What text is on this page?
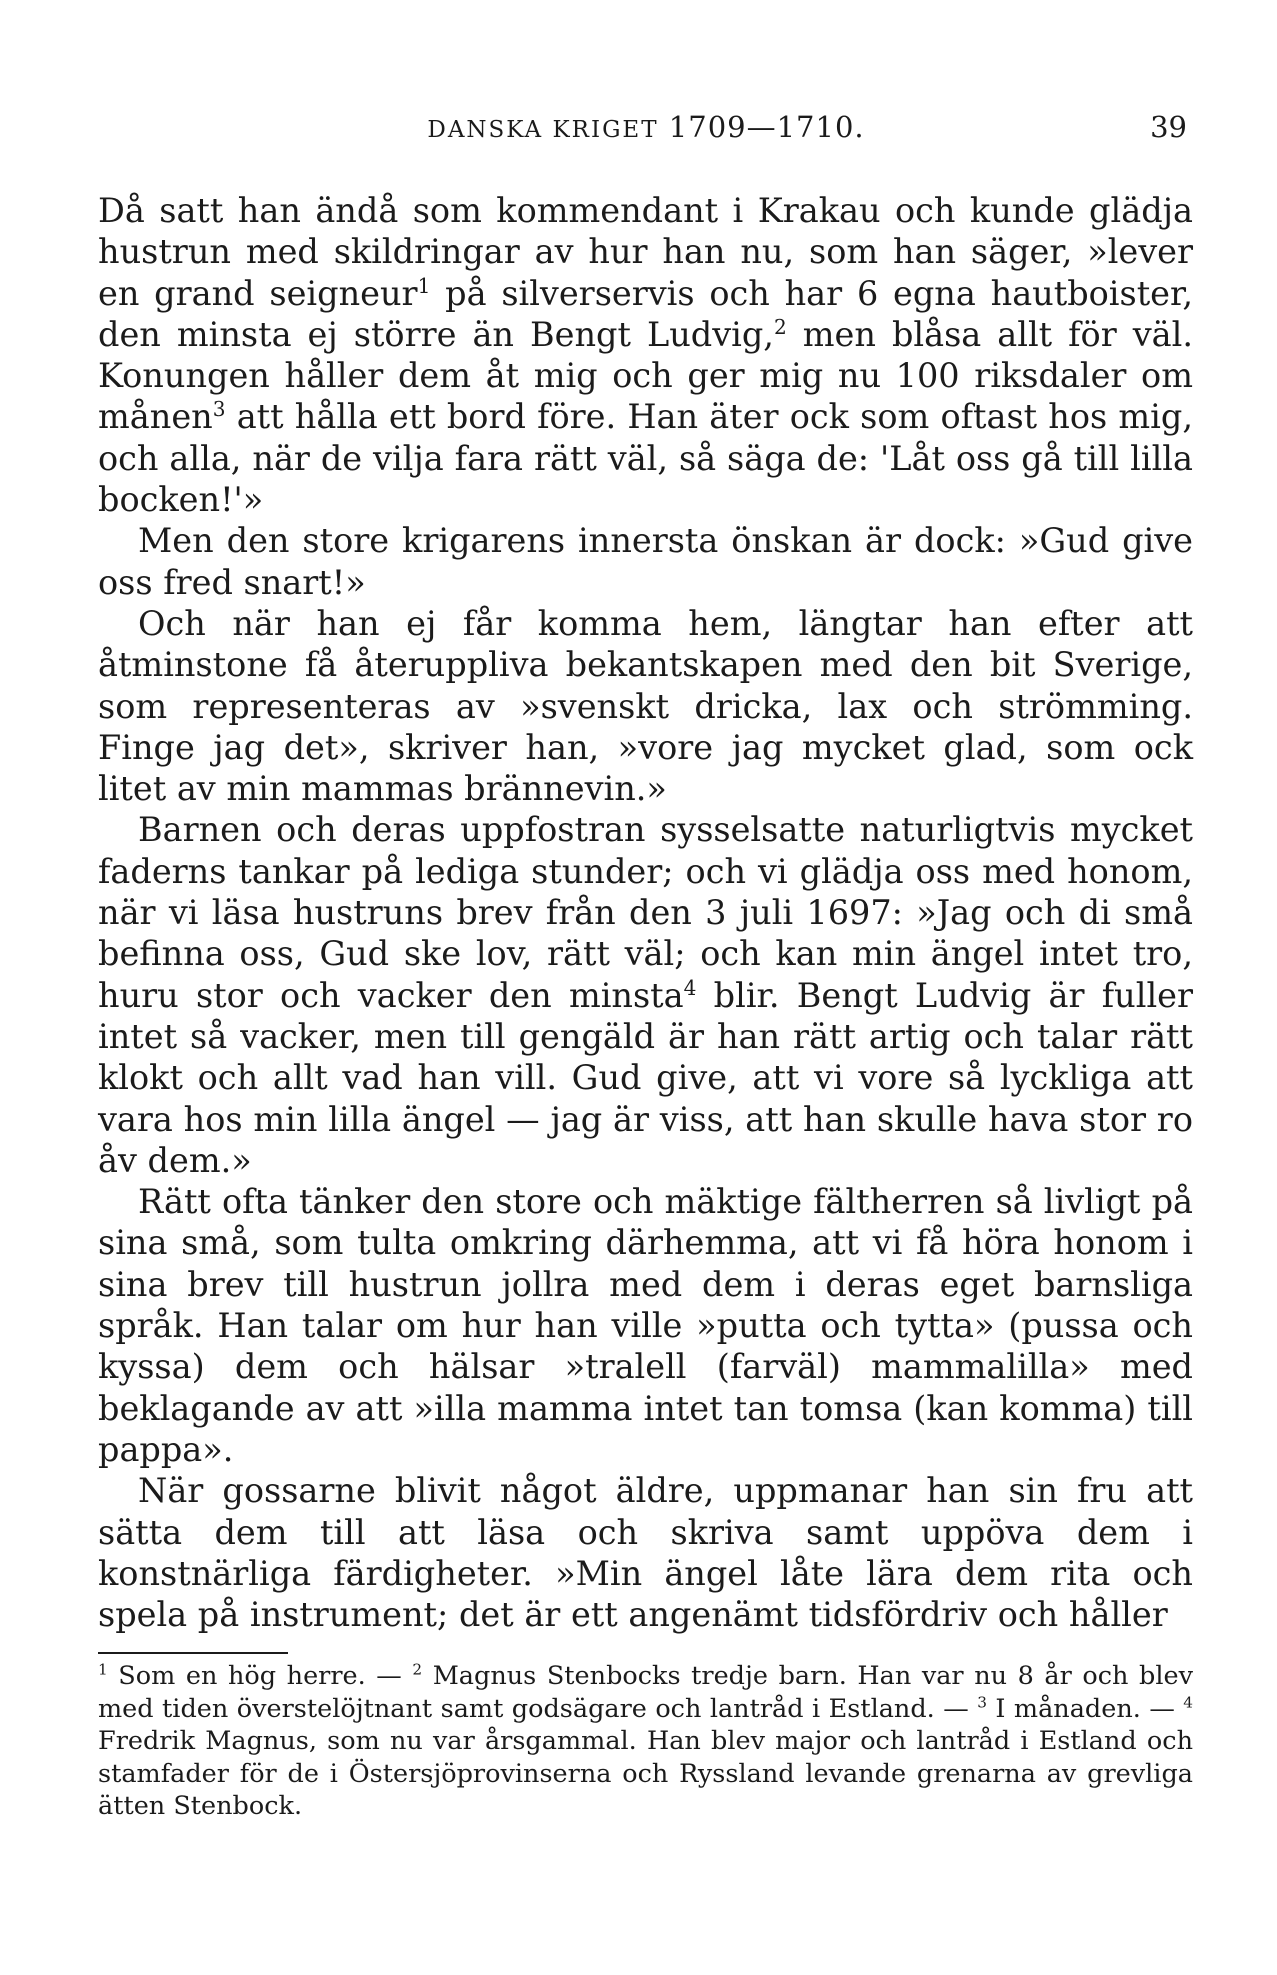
DANSKA KRIGET 1709—1710.	39

Då satt han ändå som kommendant i Krakau och kunde glädja hustrun med skildringar av hur han nu, som han säger, »lever en grand seigneur$^1$ på silverservis och har 6 egna hautboister, den minsta ej större än Bengt Ludvig,$^2$ men blåsa allt för väl. Konungen håller dem åt mig och ger mig nu 100 riksdaler om månen$^3$ att hålla ett bord före. Han äter ock som oftast hos mig, och alla, när de vilja fara rätt väl, så säga de: 'Låt oss gå till lilla bocken!'»

Men den store krigarens innersta önskan är dock: »Gud give oss fred snart!»

Och när han ej får komma hem, längtar han efter att åtminstone få återuppliva bekantskapen med den bit Sverige, som representeras av »svenskt dricka, lax och strömming. Finge jag det», skriver han, »vore jag mycket glad, som ock litet av min mammas brännevin.»

Barnen och deras uppfostran sysselsatte naturligtvis mycket faderns tankar på lediga stunder; och vi glädja oss med honom, när vi läsa hustruns brev från den 3 juli 1697: »Jag och di små befinna oss, Gud ske lov, rätt väl; och kan min ängel intet tro, huru stor och vacker den minsta$^4$ blir. Bengt Ludvig är fuller intet så vacker, men till gengäld är han rätt artig och talar rätt klokt och allt vad han vill. Gud give, att vi vore så lyckliga att vara hos min lilla ängel — jag är viss, att han skulle hava stor ro åv dem.»

Rätt ofta tänker den store och mäktige fältherren så livligt på sina små, som tulta omkring därhemma, att vi få höra honom i sina brev till hustrun jollra med dem i deras eget barnsliga språk. Han talar om hur han ville »putta och tytta» (pussa och kyssa) dem och hälsar »tralell (farväl) mammalilla» med beklagande av att »illa mamma intet tan tomsa (kan komma) till pappa».

När gossarne blivit något äldre, uppmanar han sin fru att sätta dem till att läsa och skriva samt uppöva dem i konstnärliga färdigheter. »Min ängel låte lära dem rita och spela på instrument; det är ett angenämt tidsfördriv och håller

$^1$ Som en hög herre. — $^2$ Magnus Stenbocks tredje barn. Han var nu 8 år och blev med tiden överstelöjtnant samt godsägare och lantråd i Estland. — $^3$ I månaden. — $^4$ Fredrik Magnus, som nu var årsgammal. Han blev major och lantråd i Estland och stamfader för de i Östersjöprovinserna och Ryssland levande grenarna av grevliga ätten Stenbock.
